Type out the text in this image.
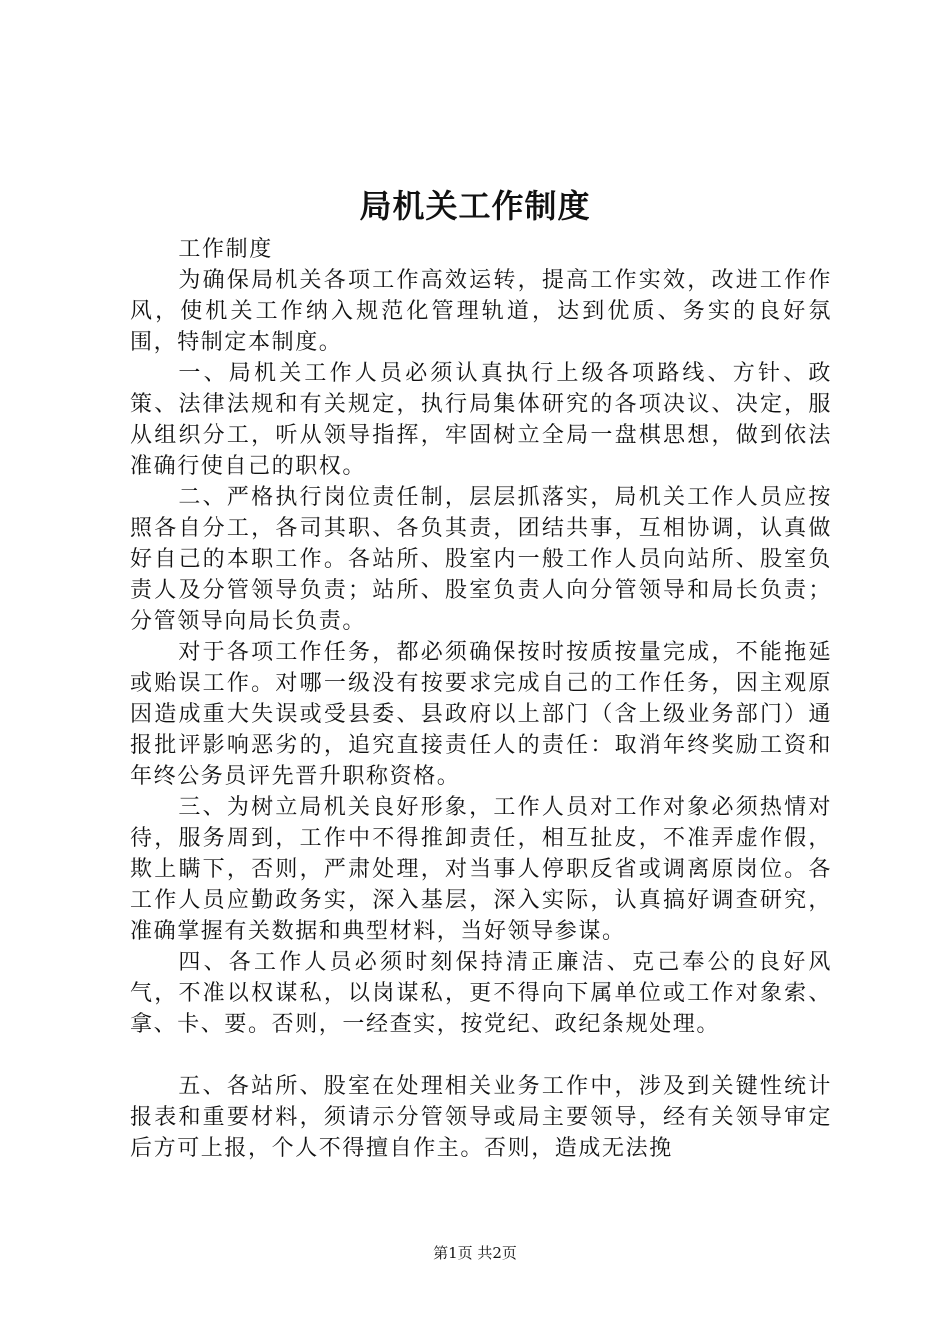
局机关工作制度

工作制度

为确保局机关各项工作高效运转，提高工作实效，改进工作作风，使机关工作纳入规范化管理轨道，达到优质、务实的良好氛围，特制定本制度。

一、局机关工作人员必须认真执行上级各项路线、方针、政策、法律法规和有关规定，执行局集体研究的各项决议、决定，服从组织分工，听从领导指挥，牢固树立全局一盘棋思想，做到依法准确行使自己的职权。

二、严格执行岗位责任制，层层抓落实，局机关工作人员应按照各自分工，各司其职、各负其责，团结共事，互相协调，认真做好自己的本职工作。各站所、股室内一般工作人员向站所、股室负责人及分管领导负责；站所、股室负责人向分管领导和局长负责；分管领导向局长负责。

对于各项工作任务，都必须确保按时按质按量完成，不能拖延或贻误工作。对哪一级没有按要求完成自己的工作任务，因主观原因造成重大失误或受县委、县政府以上部门（含上级业务部门）通报批评影响恶劣的，追究直接责任人的责任：取消年终奖励工资和年终公务员评先晋升职称资格。

三、为树立局机关良好形象，工作人员对工作对象必须热情对待，服务周到，工作中不得推卸责任，相互扯皮，不准弄虚作假，欺上瞒下，否则，严肃处理，对当事人停职反省或调离原岗位。各工作人员应勤政务实，深入基层，深入实际，认真搞好调查研究，准确掌握有关数据和典型材料，当好领导参谋。

四、各工作人员必须时刻保持清正廉洁、克己奉公的良好风气，不准以权谋私，以岗谋私，更不得向下属单位或工作对象索、拿、卡、要。否则，一经查实，按党纪、政纪条规处理。

五、各站所、股室在处理相关业务工作中，涉及到关键性统计报表和重要材料，须请示分管领导或局主要领导，经有关领导审定后方可上报，个人不得擅自作主。否则，造成无法挽

第1页 共2页
